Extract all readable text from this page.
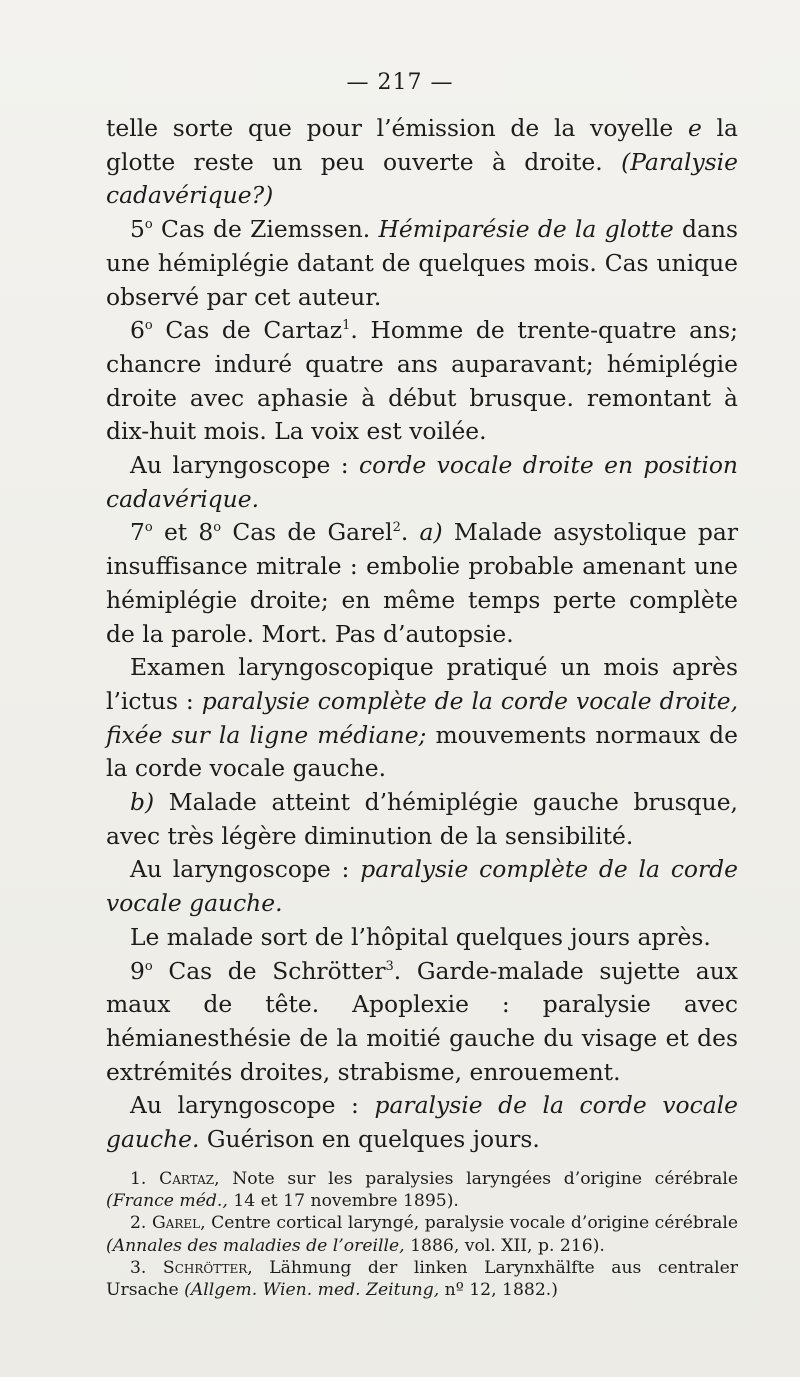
— 217 —

telle sorte que pour l’émission de la voyelle e la glotte reste un peu ouverte à droite. (Paralysie cadavérique?)

5$^o$ Cas de Ziemssen. Hémiparésie de la glotte dans une hémiplégie datant de quelques mois. Cas unique observé par cet auteur.

6$^o$ Cas de Cartaz$^1$. Homme de trente-quatre ans; chancre induré quatre ans auparavant; hémiplégie droite avec aphasie à début brusque. remontant à dix-huit mois. La voix est voilée.

Au laryngoscope : corde vocale droite en position cadavérique.

7$^o$ et 8$^o$ Cas de Garel$^2$. a) Malade asystolique par insuffisance mitrale : embolie probable amenant une hémiplégie droite; en même temps perte complète de la parole. Mort. Pas d’autopsie.

Examen laryngoscopique pratiqué un mois après l’ictus : paralysie complète de la corde vocale droite, fixée sur la ligne médiane; mouvements normaux de la corde vocale gauche.

b) Malade atteint d’hémiplégie gauche brusque, avec très légère diminution de la sensibilité.

Au laryngoscope : paralysie complète de la corde vocale gauche.

Le malade sort de l’hôpital quelques jours après.

9$^o$ Cas de Schrötter$^3$. Garde-malade sujette aux maux de tête. Apoplexie : paralysie avec hémianesthésie de la moitié gauche du visage et des extrémités droites, strabisme, enrouement.

Au laryngoscope : paralysie de la corde vocale gauche. Guérison en quelques jours.

1. Cartaz, Note sur les paralysies laryngées d’origine cérébrale (France méd., 14 et 17 novembre 1895).

2. Garel, Centre cortical laryngé, paralysie vocale d’origine cérébrale (Annales des maladies de l’oreille, 1886, vol. XII, p. 216).

3. Schrötter, Lähmung der linken Larynxhälfte aus centraler Ursache (Allgem. Wien. med. Zeitung, nº 12, 1882.)
